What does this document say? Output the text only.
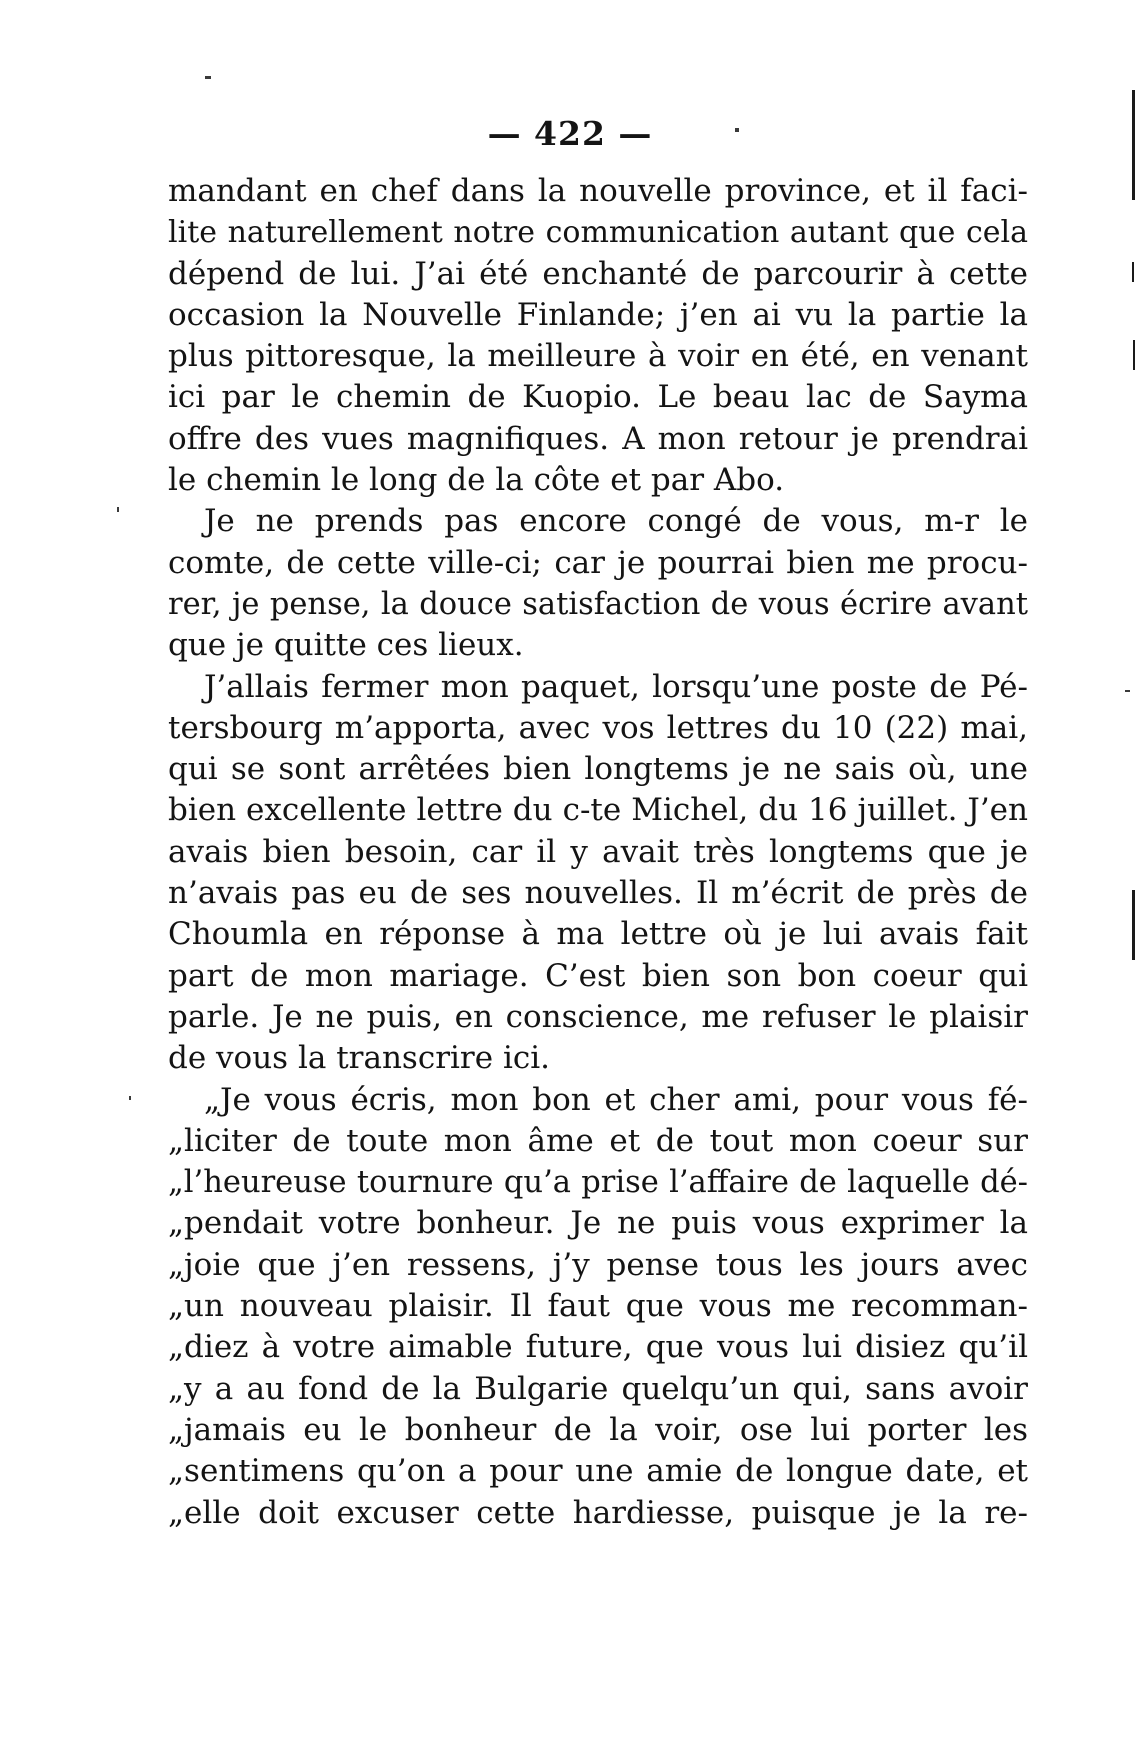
— 422 —
mandant en chef dans la nouvelle province, et il faci-
lite naturellement notre communication autant que cela
dépend de lui. J’ai été enchanté de parcourir à cette
occasion la Nouvelle Finlande; j’en ai vu la partie la
plus pittoresque, la meilleure à voir en été, en venant
ici par le chemin de Kuopio. Le beau lac de Sayma
offre des vues magnifiques. A mon retour je prendrai
le chemin le long de la côte et par Abo.
Je ne prends pas encore congé de vous, m-r le
comte, de cette ville-ci; car je pourrai bien me procu-
rer, je pense, la douce satisfaction de vous écrire avant
que je quitte ces lieux.
J’allais fermer mon paquet, lorsqu’une poste de Pé-
tersbourg m’apporta, avec vos lettres du 10 (22) mai,
qui se sont arrêtées bien longtems je ne sais où, une
bien excellente lettre du c-te Michel, du 16 juillet. J’en
avais bien besoin, car il y avait très longtems que je
n’avais pas eu de ses nouvelles. Il m’écrit de près de
Choumla en réponse à ma lettre où je lui avais fait
part de mon mariage. C’est bien son bon coeur qui
parle. Je ne puis, en conscience, me refuser le plaisir
de vous la transcrire ici.
„Je vous écris, mon bon et cher ami, pour vous fé-
„liciter de toute mon âme et de tout mon coeur sur
„l’heureuse tournure qu’a prise l’affaire de laquelle dé-
„pendait votre bonheur. Je ne puis vous exprimer la
„joie que j’en ressens, j’y pense tous les jours avec
„un nouveau plaisir. Il faut que vous me recomman-
„diez à votre aimable future, que vous lui disiez qu’il
„y a au fond de la Bulgarie quelqu’un qui, sans avoir
„jamais eu le bonheur de la voir, ose lui porter les
„sentimens qu’on a pour une amie de longue date, et
„elle doit excuser cette hardiesse, puisque je la re-
